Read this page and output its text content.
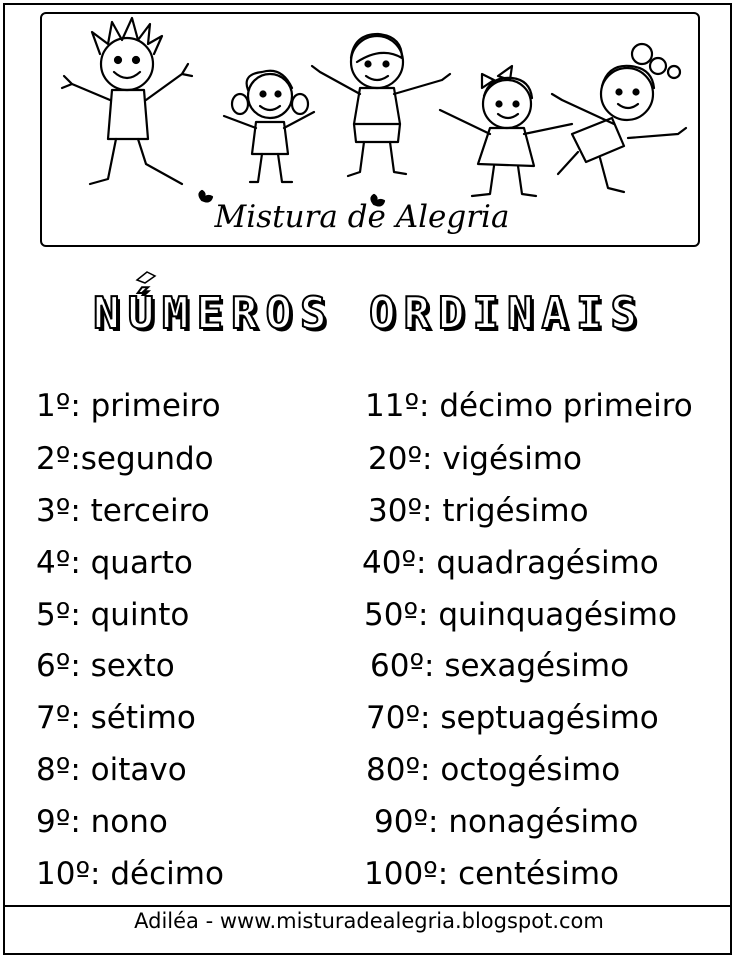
Mistura de Alegria
NÚMEROS ORDINAIS
1º: primeiro
2º:segundo
3º: terceiro
4º: quarto
5º: quinto
6º: sexto
7º: sétimo
8º: oitavo
9º: nono
10º: décimo
11º: décimo primeiro
20º: vigésimo
30º: trigésimo
40º: quadragésimo
50º: quinquagésimo
60º: sexagésimo
70º: septuagésimo
80º: octogésimo
90º: nonagésimo
100º: centésimo
Adiléa - www.misturadealegria.blogspot.com
